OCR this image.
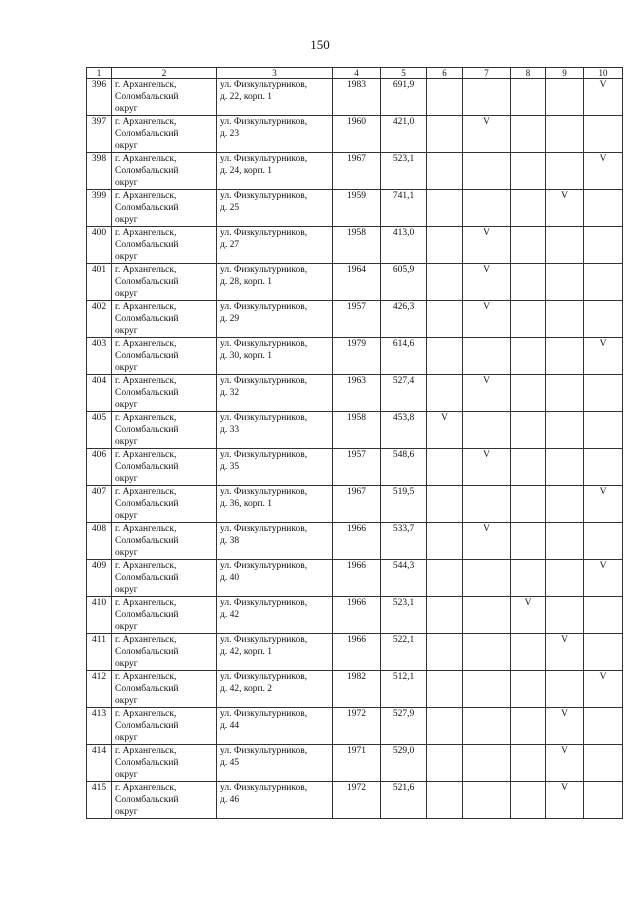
150
1	2	3	4	5	6	7	8	9	10
396	г. Архангельск,
Соломбальский
округ	ул. Физкультурников,
д. 22, корп. 1	1983	691,9					V
397	г. Архангельск,
Соломбальский
округ	ул. Физкультурников,
д. 23	1960	421,0		V			
398	г. Архангельск,
Соломбальский
округ	ул. Физкультурников,
д. 24, корп. 1	1967	523,1					V
399	г. Архангельск,
Соломбальский
округ	ул. Физкультурников,
д. 25	1959	741,1				V	
400	г. Архангельск,
Соломбальский
округ	ул. Физкультурников,
д. 27	1958	413,0		V			
401	г. Архангельск,
Соломбальский
округ	ул. Физкультурников,
д. 28, корп. 1	1964	605,9		V			
402	г. Архангельск,
Соломбальский
округ	ул. Физкультурников,
д. 29	1957	426,3		V			
403	г. Архангельск,
Соломбальский
округ	ул. Физкультурников,
д. 30, корп. 1	1979	614,6					V
404	г. Архангельск,
Соломбальский
округ	ул. Физкультурников,
д. 32	1963	527,4		V			
405	г. Архангельск,
Соломбальский
округ	ул. Физкультурников,
д. 33	1958	453,8	V				
406	г. Архангельск,
Соломбальский
округ	ул. Физкультурников,
д. 35	1957	548,6		V			
407	г. Архангельск,
Соломбальский
округ	ул. Физкультурников,
д. 36, корп. 1	1967	519,5					V
408	г. Архангельск,
Соломбальский
округ	ул. Физкультурников,
д. 38	1966	533,7		V			
409	г. Архангельск,
Соломбальский
округ	ул. Физкультурников,
д. 40	1966	544,3					V
410	г. Архангельск,
Соломбальский
округ	ул. Физкультурников,
д. 42	1966	523,1			V		
411	г. Архангельск,
Соломбальский
округ	ул. Физкультурников,
д. 42, корп. 1	1966	522,1				V	
412	г. Архангельск,
Соломбальский
округ	ул. Физкультурников,
д. 42, корп. 2	1982	512,1					V
413	г. Архангельск,
Соломбальский
округ	ул. Физкультурников,
д. 44	1972	527,9				V	
414	г. Архангельск,
Соломбальский
округ	ул. Физкультурников,
д. 45	1971	529,0				V	
415	г. Архангельск,
Соломбальский
округ	ул. Физкультурников,
д. 46	1972	521,6				V	
